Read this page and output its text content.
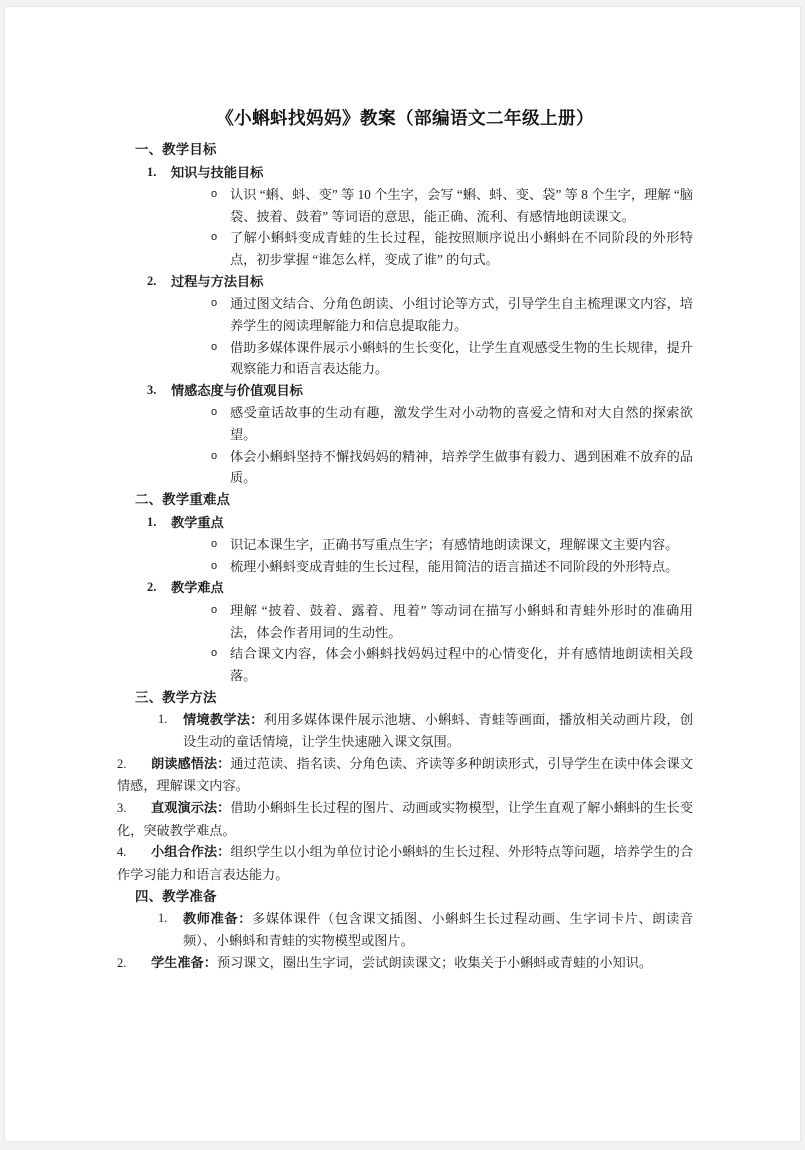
《小蝌蚪找妈妈》教案（部编语文二年级上册）
一、教学目标
1. 知识与技能目标
o 认识 “蝌、蚪、变” 等 10 个生字，会写 “蝌、蚪、变、袋” 等 8 个生字，理解 “脑袋、披着、鼓着” 等词语的意思，能正确、流利、有感情地朗读课文。
o 了解小蝌蚪变成青蛙的生长过程，能按照顺序说出小蝌蚪在不同阶段的外形特点，初步掌握 “谁怎么样，变成了谁” 的句式。
2. 过程与方法目标
o 通过图文结合、分角色朗读、小组讨论等方式，引导学生自主梳理课文内容，培养学生的阅读理解能力和信息提取能力。
o 借助多媒体课件展示小蝌蚪的生长变化，让学生直观感受生物的生长规律，提升观察能力和语言表达能力。
3. 情感态度与价值观目标
o 感受童话故事的生动有趣，激发学生对小动物的喜爱之情和对大自然的探索欲望。
o 体会小蝌蚪坚持不懈找妈妈的精神，培养学生做事有毅力、遇到困难不放弃的品质。
二、教学重难点
1. 教学重点
o 识记本课生字，正确书写重点生字；有感情地朗读课文，理解课文主要内容。
o 梳理小蝌蚪变成青蛙的生长过程，能用简洁的语言描述不同阶段的外形特点。
2. 教学难点
o 理解 “披着、鼓着、露着、甩着” 等动词在描写小蝌蚪和青蛙外形时的准确用法，体会作者用词的生动性。
o 结合课文内容，体会小蝌蚪找妈妈过程中的心情变化，并有感情地朗读相关段落。
三、教学方法
1. 情境教学法：利用多媒体课件展示池塘、小蝌蚪、青蛙等画面，播放相关动画片段，创设生动的童话情境，让学生快速融入课文氛围。
2. 朗读感悟法：通过范读、指名读、分角色读、齐读等多种朗读形式，引导学生在读中体会课文情感，理解课文内容。
3. 直观演示法：借助小蝌蚪生长过程的图片、动画或实物模型，让学生直观了解小蝌蚪的生长变化，突破教学难点。
4. 小组合作法：组织学生以小组为单位讨论小蝌蚪的生长过程、外形特点等问题，培养学生的合作学习能力和语言表达能力。
四、教学准备
1. 教师准备：多媒体课件（包含课文插图、小蝌蚪生长过程动画、生字词卡片、朗读音频）、小蝌蚪和青蛙的实物模型或图片。
2. 学生准备：预习课文，圈出生字词，尝试朗读课文；收集关于小蝌蚪或青蛙的小知识。
